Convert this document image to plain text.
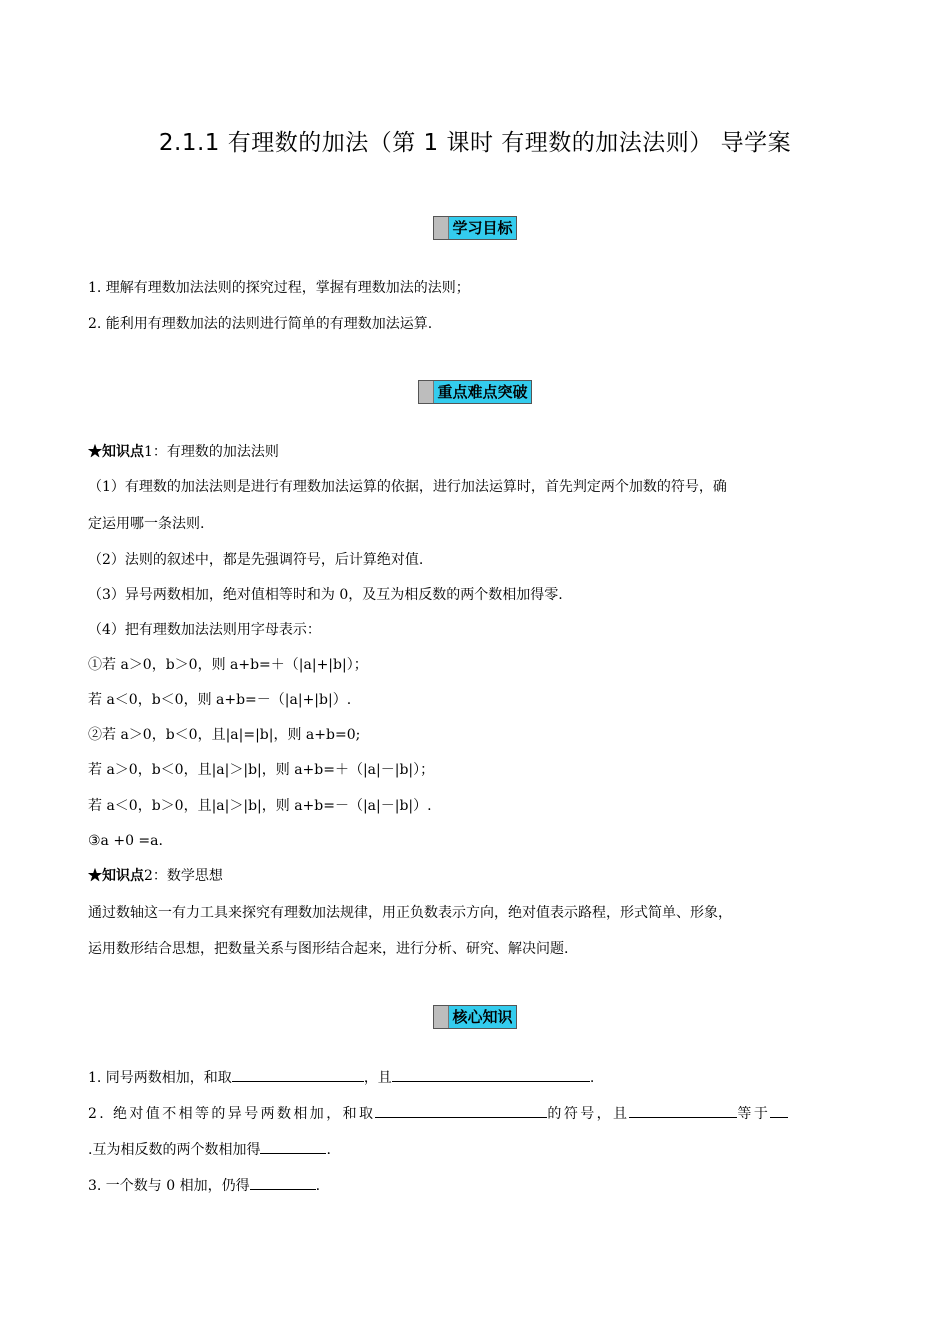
2.1.1 有理数的加法（第 1 课时 有理数的加法法则） 导学案
学习目标
1. 理解有理数加法法则的探究过程，掌握有理数加法的法则；
2. 能利用有理数加法的法则进行简单的有理数加法运算.
重点难点突破
★知识点1：有理数的加法法则
（1）有理数的加法法则是进行有理数加法运算的依据，进行加法运算时，首先判定两个加数的符号，确
定运用哪一条法则.
（2）法则的叙述中，都是先强调符号，后计算绝对值.
（3）异号两数相加，绝对值相等时和为 0，及互为相反数的两个数相加得零.
（4）把有理数加法法则用字母表示：
①若 a＞0，b＞0，则 a+b=＋（|a|+|b|）；
若 a＜0，b＜0，则 a+b=－（|a|+|b|）.
②若 a＞0，b＜0，且|a|=|b|，则 a+b=0;
若 a＞0，b＜0，且|a|＞|b|，则 a+b=＋（|a|－|b|）；
若 a＜0，b＞0，且|a|＞|b|，则 a+b=－（|a|－|b|）.
③a +0 =a.
★知识点2：数学思想
通过数轴这一有力工具来探究有理数加法规律，用正负数表示方向，绝对值表示路程，形式简单、形象，
运用数形结合思想，把数量关系与图形结合起来，进行分析、研究、解决问题.
核心知识
1. 同号两数相加，和取	，且	.
2. 绝对值不相等的异号两数相加，和取	的符号，且	等于
.互为相反数的两个数相加得	.
3. 一个数与 0 相加，仍得	.
